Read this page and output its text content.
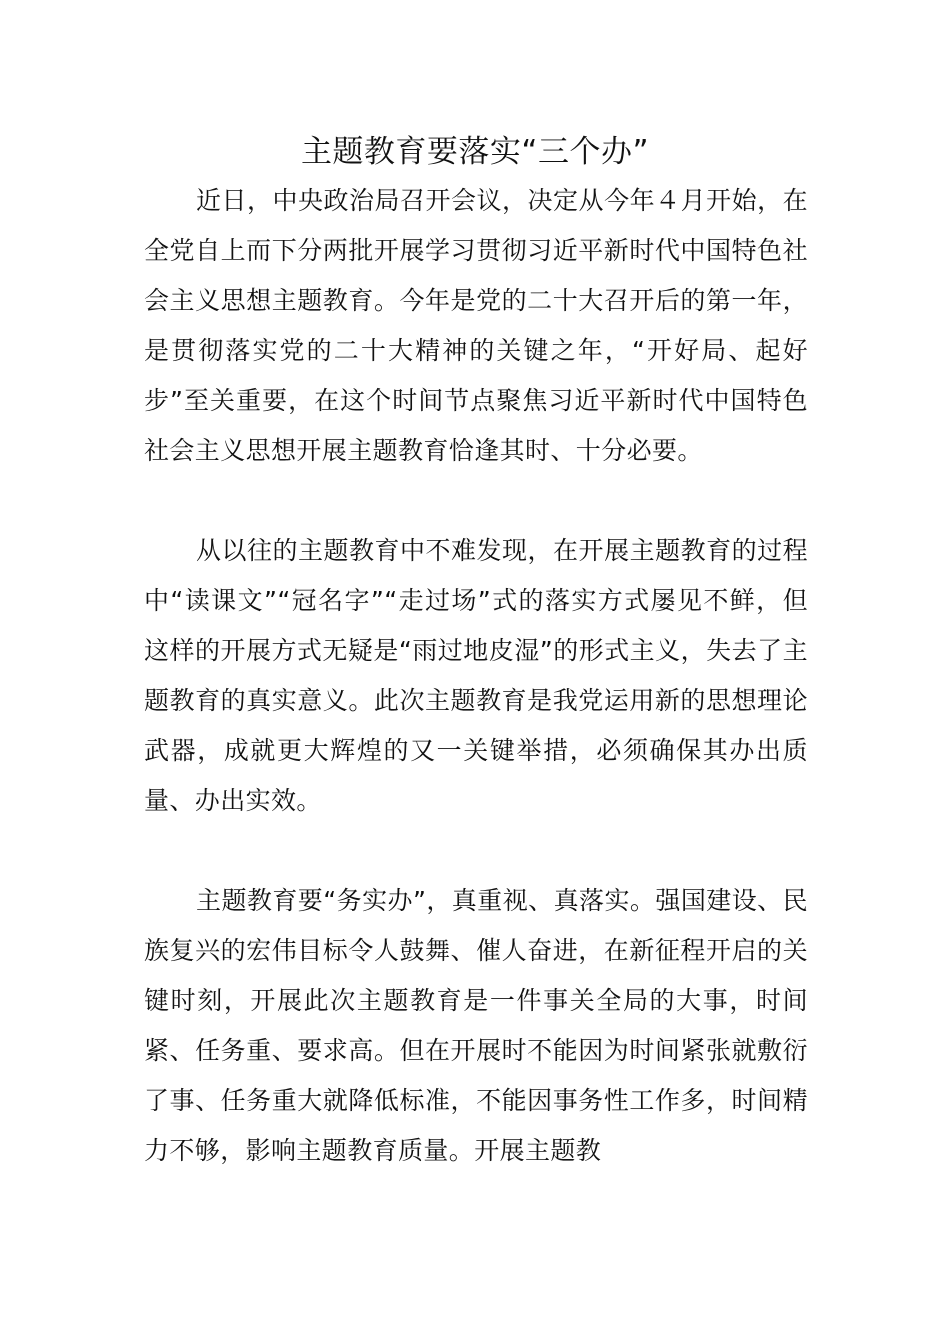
主题教育要落实“三个办”

近日，中央政治局召开会议，决定从今年４月开始，在全党自上而下分两批开展学习贯彻习近平新时代中国特色社会主义思想主题教育。今年是党的二十大召开后的第一年，是贯彻落实党的二十大精神的关键之年，“开好局、起好步”至关重要，在这个时间节点聚焦习近平新时代中国特色社会主义思想开展主题教育恰逢其时、十分必要。

从以往的主题教育中不难发现，在开展主题教育的过程中“读课文”“冠名字”“走过场”式的落实方式屡见不鲜，但这样的开展方式无疑是“雨过地皮湿”的形式主义，失去了主题教育的真实意义。此次主题教育是我党运用新的思想理论武器，成就更大辉煌的又一关键举措，必须确保其办出质量、办出实效。

主题教育要“务实办”，真重视、真落实。强国建设、民族复兴的宏伟目标令人鼓舞、催人奋进，在新征程开启的关键时刻，开展此次主题教育是一件事关全局的大事，时间紧、任务重、要求高。但在开展时不能因为时间紧张就敷衍了事、任务重大就降低标准，不能因事务性工作多，时间精力不够，影响主题教育质量。开展主题教
